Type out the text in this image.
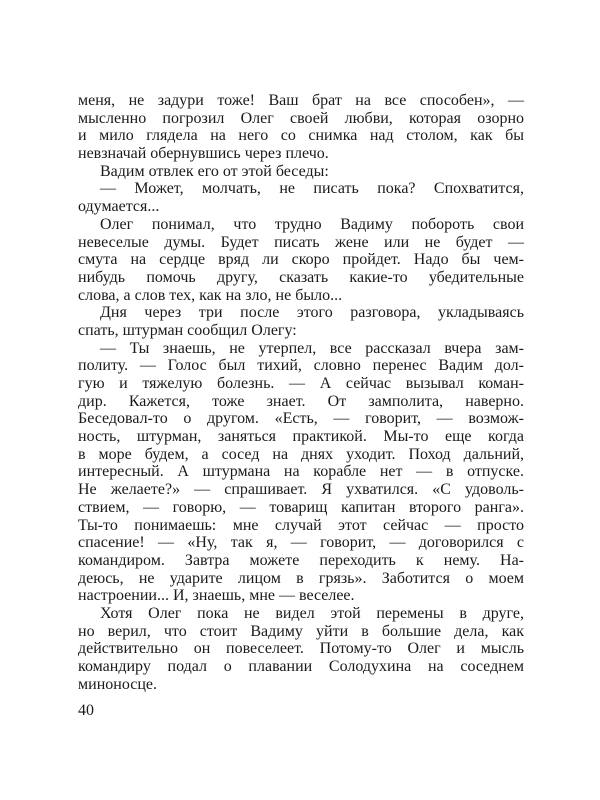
меня, не задури тоже! Ваш брат на все способен», —
мысленно погрозил Олег своей любви, которая озорно
и мило глядела на него со снимка над столом, как бы
невзначай обернувшись через плечо.
Вадим отвлек его от этой беседы:
— Может, молчать, не писать пока? Спохватится,
одумается...
Олег понимал, что трудно Вадиму побороть свои
невеселые думы. Будет писать жене или не будет —
смута на сердце вряд ли скоро пройдет. Надо бы чем-
нибудь помочь другу, сказать какие-то убедительные
слова, а слов тех, как на зло, не было...
Дня через три после этого разговора, укладываясь
спать, штурман сообщил Олегу:
— Ты знаешь, не утерпел, все рассказал вчера зам-
политу. — Голос был тихий, словно перенес Вадим дол-
гую и тяжелую болезнь. — А сейчас вызывал коман-
дир. Кажется, тоже знает. От замполита, наверно.
Беседовал-то о другом. «Есть, — говорит, — возмож-
ность, штурман, заняться практикой. Мы-то еще когда
в море будем, а сосед на днях уходит. Поход дальний,
интересный. А штурмана на корабле нет — в отпуске.
Не желаете?» — спрашивает. Я ухватился. «С удоволь-
ствием, — говорю, — товарищ капитан второго ранга».
Ты-то понимаешь: мне случай этот сейчас — просто
спасение! — «Ну, так я, — говорит, — договорился с
командиром. Завтра можете переходить к нему. На-
деюсь, не ударите лицом в грязь». Заботится о моем
настроении... И, знаешь, мне — веселее.
Хотя Олег пока не видел этой перемены в друге,
но верил, что стоит Вадиму уйти в большие дела, как
действительно он повеселеет. Потому-то Олег и мысль
командиру подал о плавании Солодухина на соседнем
миноносце.
40
